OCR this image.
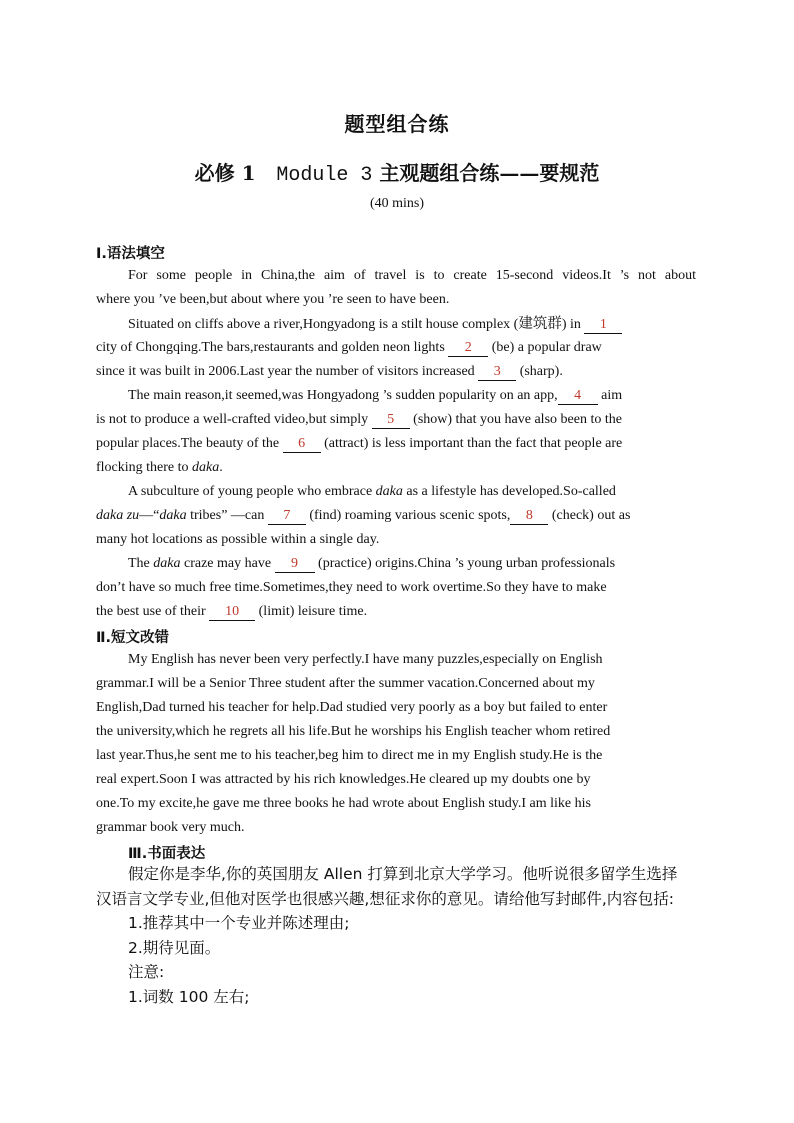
题型组合练
必修 1 Module 3 主观题组合练——要规范
(40 mins)
Ⅰ.语法填空
For some people in China,the aim of travel is to create 15-second videos.It ’s not about
where you ’ve been,but about where you ’re seen to have been.
Situated on cliffs above a river,Hongyadong is a stilt house complex (建筑群) in 1
city of Chongqing.The bars,restaurants and golden neon lights 2 (be) a popular draw
since it was built in 2006.Last year the number of visitors increased 3 (sharp).
The main reason,it seemed,was Hongyadong ’s sudden popularity on an app, 4 aim
is not to produce a well-crafted video,but simply 5 (show) that you have also been to the
popular places.The beauty of the 6 (attract) is less important than the fact that people are
flocking there to daka.
A subculture of young people who embrace daka as a lifestyle has developed.So-called
daka zu—“daka tribes” —can 7 (find) roaming various scenic spots, 8 (check) out as
many hot locations as possible within a single day.
The daka craze may have 9 (practice) origins.China ’s young urban professionals
don’t have so much free time.Sometimes,they need to work overtime.So they have to make
the best use of their 10 (limit) leisure time.
Ⅱ.短文改错
My English has never been very perfectly.I have many puzzles,especially on English
grammar.I will be a Senior Three student after the summer vacation.Concerned about my
English,Dad turned his teacher for help.Dad studied very poorly as a boy but failed to enter
the university,which he regrets all his life.But he worships his English teacher whom retired
last year.Thus,he sent me to his teacher,beg him to direct me in my English study.He is the
real expert.Soon I was attracted by his rich knowledges.He cleared up my doubts one by
one.To my excite,he gave me three books he had wrote about English study.I am like his
grammar book very much.
Ⅲ.书面表达
假定你是李华,你的英国朋友 Allen 打算到北京大学学习。他听说很多留学生选择
汉语言文学专业,但他对医学也很感兴趣,想征求你的意见。请给他写封邮件,内容包括:
1.推荐其中一个专业并陈述理由;
2.期待见面。
注意:
1.词数 100 左右;
